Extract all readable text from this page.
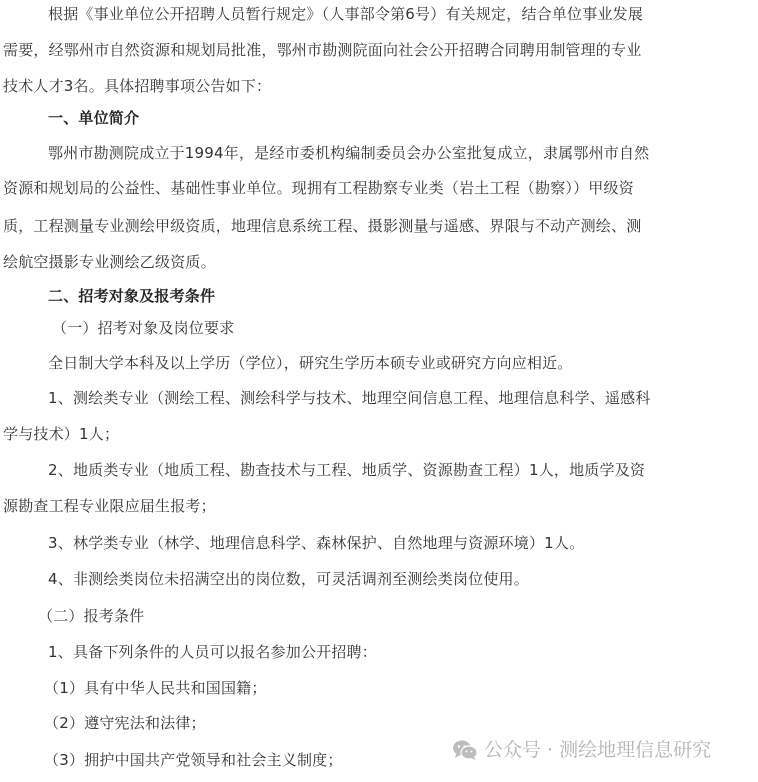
根据《事业单位公开招聘人员暂行规定》（人事部令第6号）有关规定，结合单位事业发展
需要，经鄂州市自然资源和规划局批准，鄂州市勘测院面向社会公开招聘合同聘用制管理的专业
技术人才3名。具体招聘事项公告如下：
一、单位简介
鄂州市勘测院成立于1994年，是经市委机构编制委员会办公室批复成立，隶属鄂州市自然
资源和规划局的公益性、基础性事业单位。现拥有工程勘察专业类（岩土工程（勘察））甲级资
质，工程测量专业测绘甲级资质，地理信息系统工程、摄影测量与遥感、界限与不动产测绘、测
绘航空摄影专业测绘乙级资质。
二、招考对象及报考条件
（一）招考对象及岗位要求
全日制大学本科及以上学历（学位），研究生学历本硕专业或研究方向应相近。
1、测绘类专业（测绘工程、测绘科学与技术、地理空间信息工程、地理信息科学、遥感科
学与技术）1人；
2、地质类专业（地质工程、勘查技术与工程、地质学、资源勘查工程）1人，地质学及资
源勘查工程专业限应届生报考；
3、林学类专业（林学、地理信息科学、森林保护、自然地理与资源环境）1人。
4、非测绘类岗位未招满空出的岗位数，可灵活调剂至测绘类岗位使用。
（二）报考条件
1、具备下列条件的人员可以报名参加公开招聘：
（1）具有中华人民共和国国籍；
（2）遵守宪法和法律；
（3）拥护中国共产党领导和社会主义制度；	公众号 · 测绘地理信息研究
